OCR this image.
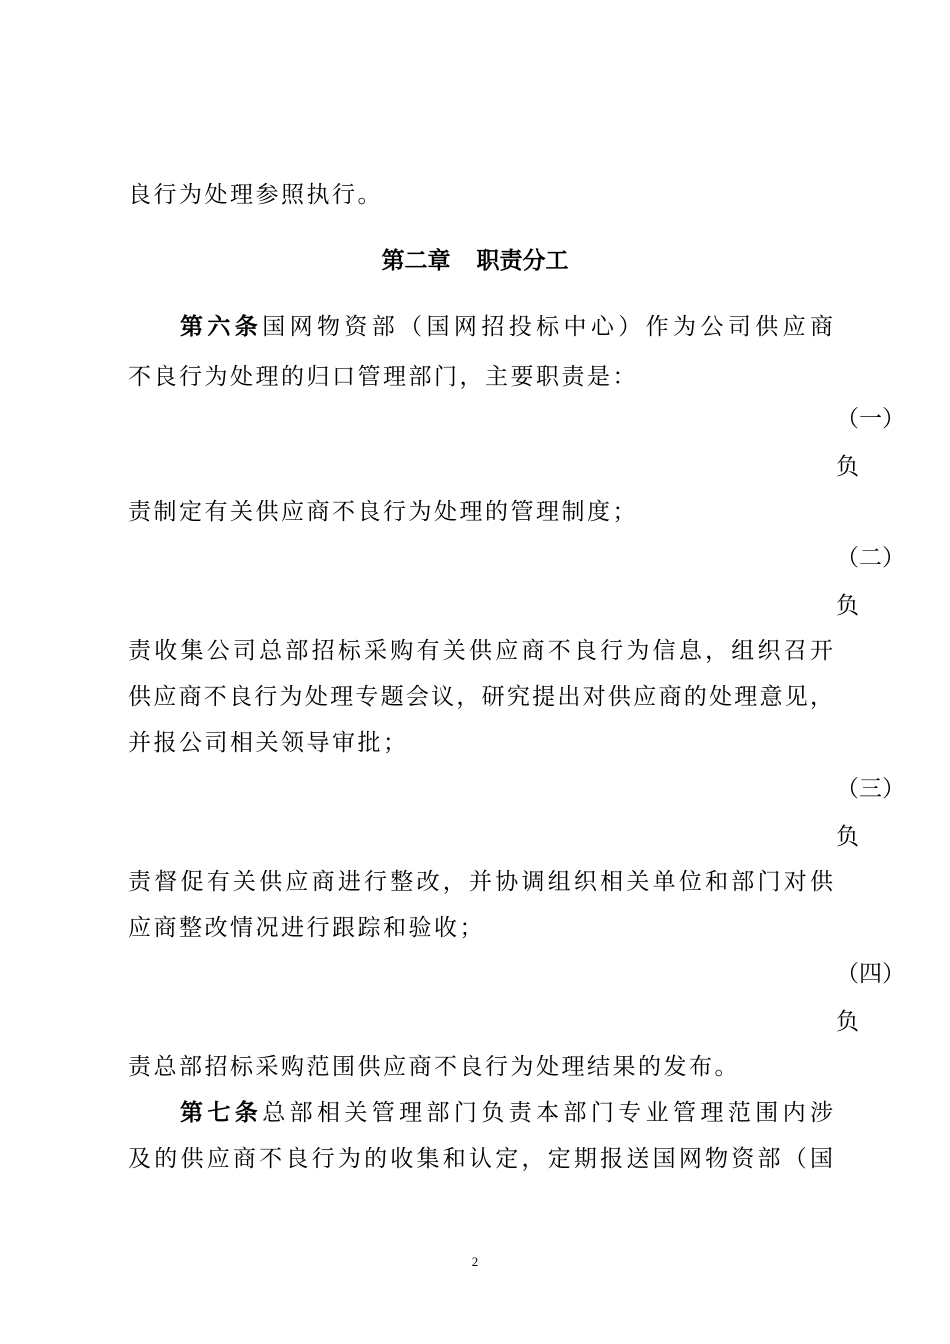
良行为处理参照执行。
第二章 职责分工
第六条国网物资部（国网招投标中心）作为公司供应商
不良行为处理的归口管理部门，主要职责是：
（一）
负
责制定有关供应商不良行为处理的管理制度；
（二）
负
责收集公司总部招标采购有关供应商不良行为信息，组织召开
供应商不良行为处理专题会议，研究提出对供应商的处理意见，
并报公司相关领导审批；
（三）
负
责督促有关供应商进行整改，并协调组织相关单位和部门对供
应商整改情况进行跟踪和验收；
（四）
负
责总部招标采购范围供应商不良行为处理结果的发布。
第七条总部相关管理部门负责本部门专业管理范围内涉
及的供应商不良行为的收集和认定，定期报送国网物资部（国
2
